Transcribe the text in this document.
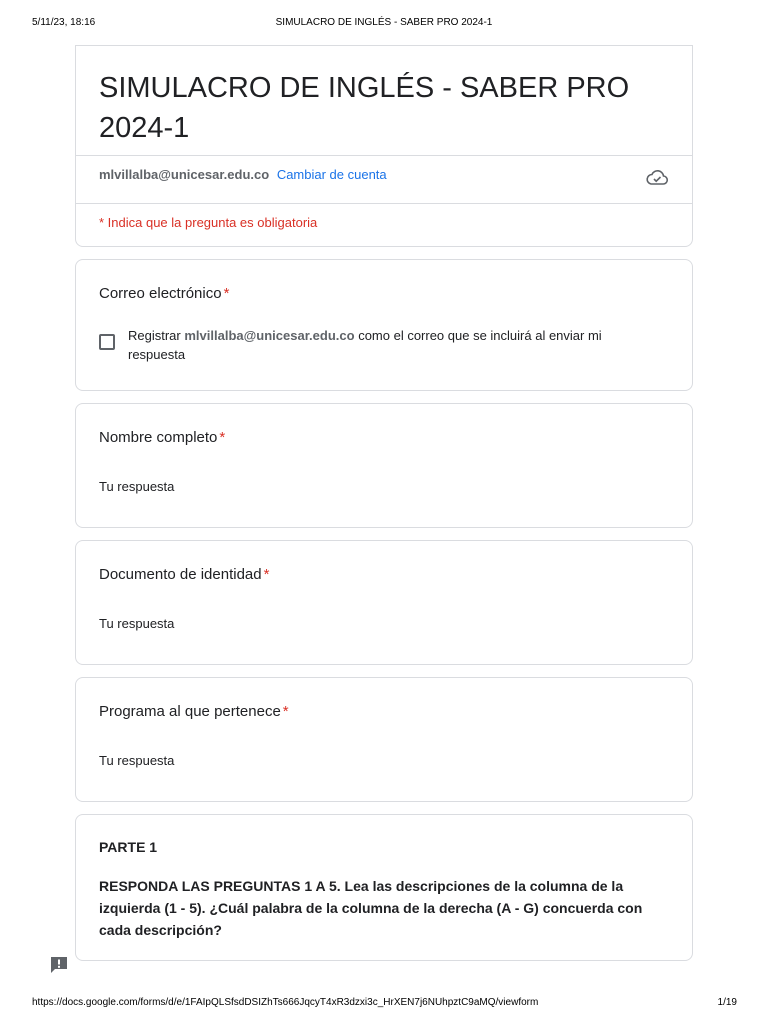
5/11/23, 18:16	SIMULACRO DE INGLÉS - SABER PRO 2024-1
SIMULACRO DE INGLÉS - SABER PRO 2024-1
mlvillalba@unicesar.edu.co Cambiar de cuenta
* Indica que la pregunta es obligatoria
Correo electrónico *
Registrar mlvillalba@unicesar.edu.co como el correo que se incluirá al enviar mi respuesta
Nombre completo *
Tu respuesta
Documento de identidad *
Tu respuesta
Programa al que pertenece *
Tu respuesta
PARTE 1
RESPONDA LAS PREGUNTAS 1 A 5. Lea las descripciones de la columna de la izquierda (1 - 5). ¿Cuál palabra de la columna de la derecha (A - G) concuerda con cada descripción?
https://docs.google.com/forms/d/e/1FAIpQLSfsdDSIZhTs666JqcyT4xR3dzxi3c_HrXEN7j6NUhpztC9aMQ/viewform	1/19
